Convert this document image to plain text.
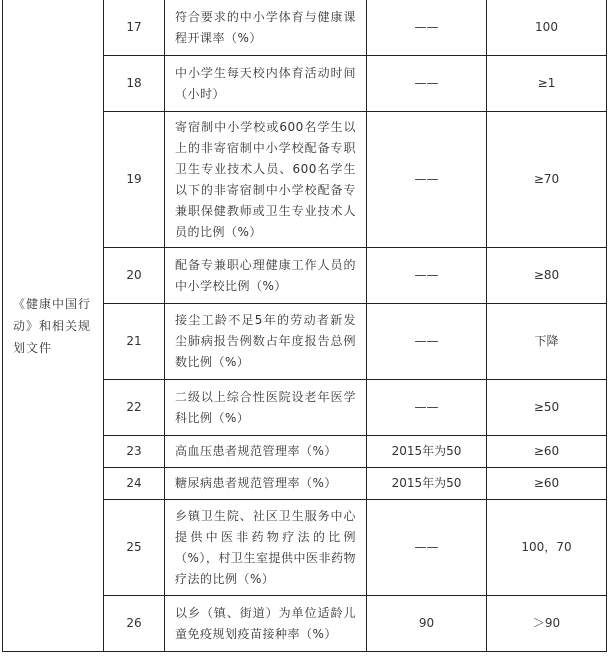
《健康中国行动》和相关规划文件	17	符合要求的中小学体育与健康课程开课率（%）	——	100
	18	中小学生每天校内体育活动时间（小时）	——	≥1
	19	寄宿制中小学校或600名学生以上的非寄宿制中小学校配备专职卫生专业技术人员、600名学生以下的非寄宿制中小学校配备专兼职保健教师或卫生专业技术人员的比例（%）	——	≥70
	20	配备专兼职心理健康工作人员的中小学校比例（%）	——	≥80
	21	接尘工龄不足5年的劳动者新发尘肺病报告例数占年度报告总例数比例（%）	——	下降
	22	二级以上综合性医院设老年医学科比例（%）	——	≥50
	23	高血压患者规范管理率（%）	2015年为50	≥60
	24	糖尿病患者规范管理率（%）	2015年为50	≥60
	25	乡镇卫生院、社区卫生服务中心提供中医非药物疗法的比例（%），村卫生室提供中医非药物疗法的比例（%）	——	100，70
	26	以乡（镇、街道）为单位适龄儿童免疫规划疫苗接种率（%）	90	＞90
